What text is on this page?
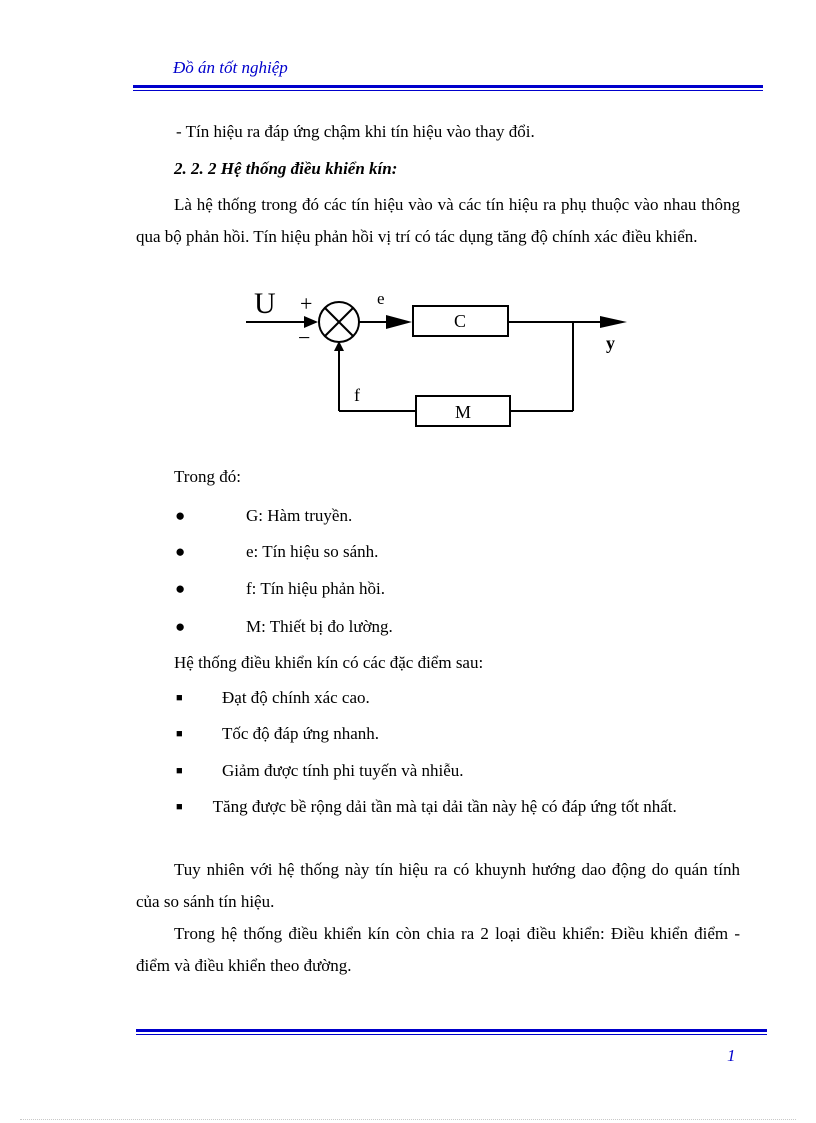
Đồ án tốt nghiệp

- Tín hiệu ra đáp ứng chậm khi tín hiệu vào thay đổi.

2. 2. 2 Hệ thống điều khiển kín:

Là hệ thống trong đó các tín hiệu vào và các tín hiệu ra phụ thuộc vào nhau thông qua bộ phản hồi. Tín hiệu phản hồi vị trí có tác dụng tăng độ chính xác điều khiển.

U +
−
e
C
y
M
f
Trong đó:
●	G: Hàm truyền.
●	e: Tín hiệu so sánh.
●	f: Tín hiệu phản hồi.
●	M: Thiết bị đo lường.
Hệ thống điều khiển kín có các đặc điểm sau:
■ Đạt độ chính xác cao.
■ Tốc độ đáp ứng nhanh.
■ Giảm được tính phi tuyến và nhiễu.
■ Tăng được bề rộng dải tần mà tại dải tần này hệ có đáp ứng tốt nhất.

Tuy nhiên với hệ thống này tín hiệu ra có khuynh hướng dao động do quán tính của so sánh tín hiệu.

Trong hệ thống điều khiển kín còn chia ra 2 loại điều khiển: Điều khiển điểm - điểm và điều khiển theo đường.

1
